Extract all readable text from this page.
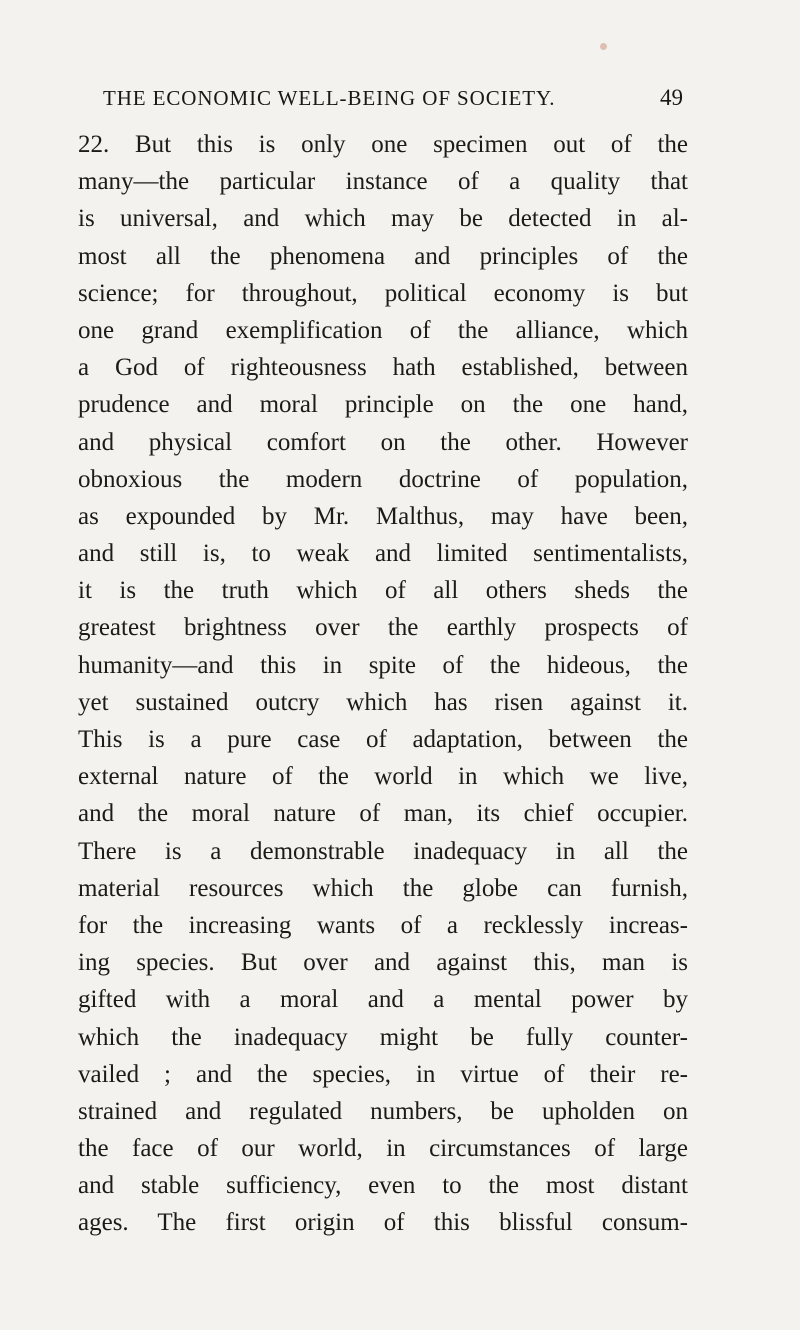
THE ECONOMIC WELL-BEING OF SOCIETY.	49
22. But this is only one specimen out of the
many—the particular instance of a quality that
is universal, and which may be detected in al-
most all the phenomena and principles of the
science; for throughout, political economy is but
one grand exemplification of the alliance, which
a God of righteousness hath established, between
prudence and moral principle on the one hand,
and physical comfort on the other. However
obnoxious the modern doctrine of population,
as expounded by Mr. Malthus, may have been,
and still is, to weak and limited sentimentalists,
it is the truth which of all others sheds the
greatest brightness over the earthly prospects of
humanity—and this in spite of the hideous, the
yet sustained outcry which has risen against it.
This is a pure case of adaptation, between the
external nature of the world in which we live,
and the moral nature of man, its chief occupier.
There is a demonstrable inadequacy in all the
material resources which the globe can furnish,
for the increasing wants of a recklessly increas-
ing species. But over and against this, man is
gifted with a moral and a mental power by
which the inadequacy might be fully counter-
vailed ; and the species, in virtue of their re-
strained and regulated numbers, be upholden on
the face of our world, in circumstances of large
and stable sufficiency, even to the most distant
ages. The first origin of this blissful consum-
